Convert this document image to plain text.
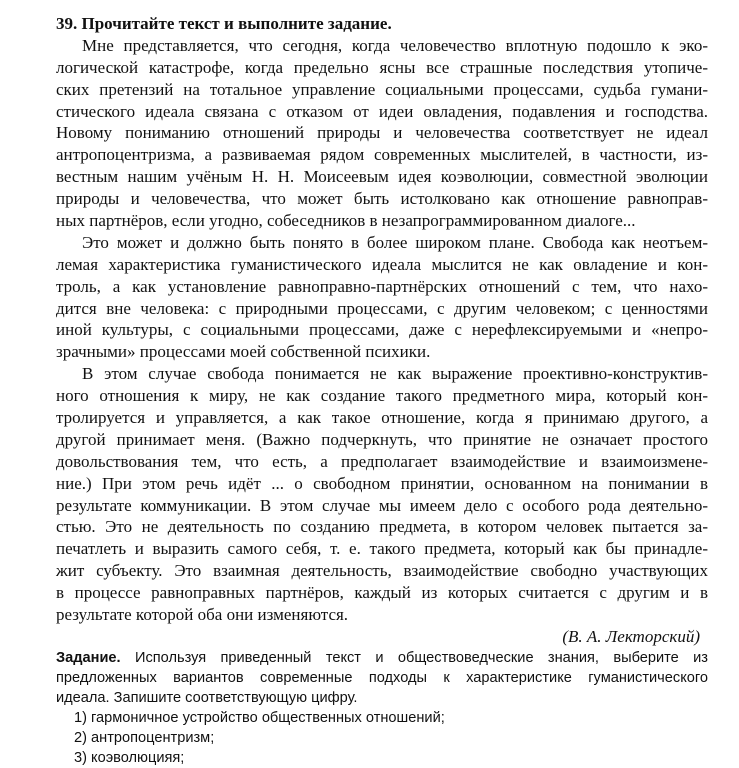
39. Прочитайте текст и выполните задание.
Мне представляется, что сегодня, когда человечество вплотную подошло к эко-
логической катастрофе, когда предельно ясны все страшные последствия утопиче-
ских претензий на тотальное управление социальными процессами, судьба гумани-
стического идеала связана с отказом от идеи овладения, подавления и господства.
Новому пониманию отношений природы и человечества соответствует не идеал
антропоцентризма, а развиваемая рядом современных мыслителей, в частности, из-
вестным нашим учёным Н. Н. Моисеевым идея коэволюции, совместной эволюции
природы и человечества, что может быть истолковано как отношение равноправ-
ных партнёров, если угодно, собеседников в незапрограммированном диалоге...
Это может и должно быть понято в более широком плане. Свобода как неотъем-
лемая характеристика гуманистического идеала мыслится не как овладение и кон-
троль, а как установление равноправно-партнёрских отношений с тем, что нахо-
дится вне человека: с природными процессами, с другим человеком; с ценностями
иной культуры, с социальными процессами, даже с нерефлексируемыми и «непро-
зрачными» процессами моей собственной психики.
В этом случае свобода понимается не как выражение проективно-конструктив-
ного отношения к миру, не как создание такого предметного мира, который кон-
тролируется и управляется, а как такое отношение, когда я принимаю другого, а
другой принимает меня. (Важно подчеркнуть, что принятие не означает простого
довольствования тем, что есть, а предполагает взаимодействие и взаимоизмене-
ние.) При этом речь идёт ... о свободном принятии, основанном на понимании в
результате коммуникации. В этом случае мы имеем дело с особого рода деятельно-
стью. Это не деятельность по созданию предмета, в котором человек пытается за-
печатлеть и выразить самого себя, т. е. такого предмета, который как бы принадле-
жит субъекту. Это взаимная деятельность, взаимодействие свободно участвующих
в процессе равноправных партнёров, каждый из которых считается с другим и в
результате которой оба они изменяются.
(В. А. Лекторский)
Задание. Используя приведенный текст и обществоведческие знания, выберите из
предложенных вариантов современные подходы к характеристике гуманистического
идеала. Запишите соответствующую цифру.
1) гармоничное устройство общественных отношений;
2) антропоцентризм;
3) коэволюцияя;
